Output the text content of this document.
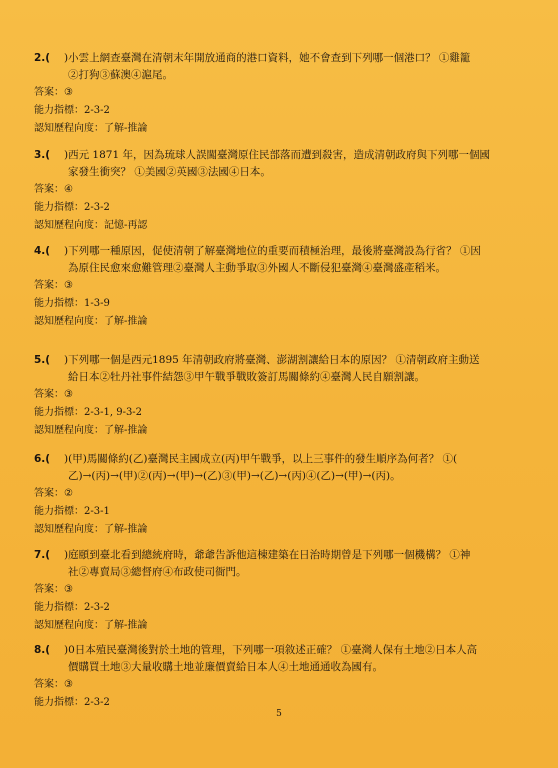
2.( )小雲上網查臺灣在清朝末年開放通商的港口資料，她不會查到下列哪一個港口？ ①雞籠
②打狗③蘇澳④滬尾。
答案：③
能力指標：2-3-2
認知歷程向度：了解-推論
3.( )西元 1871 年，因為琉球人誤闖臺灣原住民部落而遭到殺害，造成清朝政府與下列哪一個國
家發生衝突？ ①美國②英國③法國④日本。
答案：④
能力指標：2-3-2
認知歷程向度：記憶-再認
4.( )下列哪一種原因，促使清朝了解臺灣地位的重要而積極治理，最後將臺灣設為行省？ ①因
為原住民愈來愈難管理②臺灣人主動爭取③外國人不斷侵犯臺灣④臺灣盛產稻米。
答案：③
能力指標：1-3-9
認知歷程向度：了解-推論
5.( )下列哪一個是西元1895 年清朝政府將臺灣、澎湖割讓給日本的原因？ ①清朝政府主動送
給日本②牡丹社事件結怨③甲午戰爭戰敗簽訂馬關條約④臺灣人民自願割讓。
答案：③
能力指標：2-3-1, 9-3-2
認知歷程向度：了解-推論
6.( )(甲)馬關條約(乙)臺灣民主國成立(丙)甲午戰爭，以上三事件的發生順序為何者？ ①(
乙)→(丙)→(甲)②(丙)→(甲)→(乙)③(甲)→(乙)→(丙)④(乙)→(甲)→(丙)。
答案：②
能力指標：2-3-1
認知歷程向度：了解-推論
7.( )庭頤到臺北看到總統府時，爺爺告訴他這棟建築在日治時期曾是下列哪一個機構？ ①神
社②專賣局③總督府④布政使司衙門。
答案：③
能力指標：2-3-2
認知歷程向度：了解-推論
8.( )0日本殖民臺灣後對於土地的管理，下列哪一項敘述正確？ ①臺灣人保有土地②日本人高
價購買土地③大量收購土地並廉價賣給日本人④土地通通收為國有。
答案：③
能力指標：2-3-2
5
